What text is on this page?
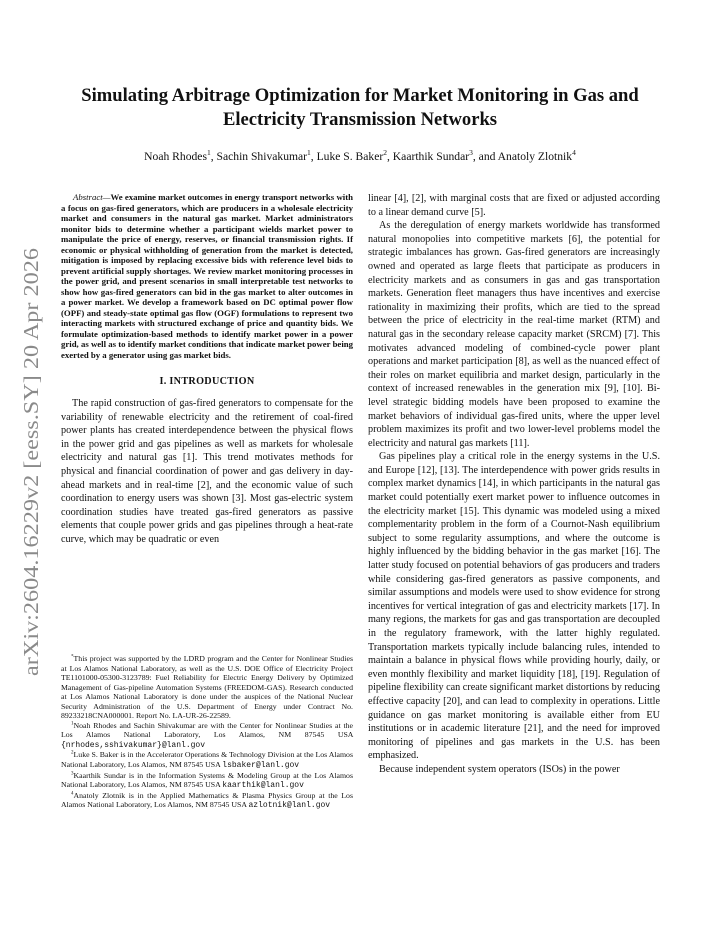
arXiv:2604.16229v2 [eess.SY] 20 Apr 2026
Simulating Arbitrage Optimization for Market Monitoring in Gas and Electricity Transmission Networks
Noah Rhodes$^1$, Sachin Shivakumar$^1$, Luke S. Baker$^2$, Kaarthik Sundar$^3$, and Anatoly Zlotnik$^4$

Abstract—We examine market outcomes in energy transport networks with a focus on gas-fired generators, which are producers in a wholesale electricity market and consumers in the natural gas market. Market administrators monitor bids to determine whether a participant wields market power to manipulate the price of energy, reserves, or financial transmission rights. If economic or physical withholding of generation from the market is detected, mitigation is imposed by replacing excessive bids with reference level bids to prevent artificial supply shortages. We review market monitoring processes in the power grid, and present scenarios in small interpretable test networks to show how gas-fired generators can bid in the gas market to alter outcomes in a power market. We develop a framework based on DC optimal power flow (OPF) and steady-state optimal gas flow (OGF) formulations to represent two interacting markets with structured exchange of price and quantity bids. We formulate optimization-based methods to identify market power in a power grid, as well as to identify market conditions that indicate market power being exerted by a generator using gas market bids.

I. INTRODUCTION

The rapid construction of gas-fired generators to compensate for the variability of renewable electricity and the retirement of coal-fired power plants has created interdependence between the physical flows in the power grid and gas pipelines as well as markets for wholesale electricity and natural gas [1]. This trend motivates methods for physical and financial coordination of power and gas delivery in day-ahead markets and in real-time [2], and the economic value of such coordination to energy users was shown [3]. Most gas-electric system coordination studies have treated gas-fired generators as passive elements that couple power grids and gas pipelines through a heat-rate curve, which may be quadratic or even

*This project was supported by the LDRD program and the Center for Nonlinear Studies at Los Alamos National Laboratory, as well as the U.S. DOE Office of Electricity Project TE1101000-05300-3123789: Fuel Reliability for Electric Energy Delivery by Optimized Management of Gas-pipeline Automation Systems (FREEDOM-GAS). Research conducted at Los Alamos National Laboratory is done under the auspices of the National Nuclear Security Administration of the U.S. Department of Energy under Contract No. 89233218CNA000001. Report No. LA-UR-26-22589.

$^1$Noah Rhodes and Sachin Shivakumar are with the Center for Nonlinear Studies at the Los Alamos National Laboratory, Los Alamos, NM 87545 USA {nrhodes,sshivakumar}@lanl.gov

$^2$Luke S. Baker is in the Accelerator Operations & Technology Division at the Los Alamos National Laboratory, Los Alamos, NM 87545 USA lsbaker@lanl.gov

$^3$Kaarthik Sundar is in the Information Systems & Modeling Group at the Los Alamos National Laboratory, Los Alamos, NM 87545 USA kaarthik@lanl.gov

$^4$Anatoly Zlotnik is in the Applied Mathematics & Plasma Physics Group at the Los Alamos National Laboratory, Los Alamos, NM 87545 USA azlotnik@lanl.gov

linear [4], [2], with marginal costs that are fixed or adjusted according to a linear demand curve [5].

As the deregulation of energy markets worldwide has transformed natural monopolies into competitive markets [6], the potential for strategic imbalances has grown. Gas-fired generators are increasingly owned and operated as large fleets that participate as producers in electricity markets and as consumers in gas and gas transportation markets. Generation fleet managers thus have incentives and exercise rationality in maximizing their profits, which are tied to the spread between the price of electricity in the real-time market (RTM) and natural gas in the secondary release capacity market (SRCM) [7]. This motivates advanced modeling of combined-cycle power plant operations and market participation [8], as well as the nuanced effect of their roles on market equilibria and market design, particularly in the context of increased renewables in the generation mix [9], [10]. Bi-level strategic bidding models have been proposed to examine the market behaviors of individual gas-fired units, where the upper level problem maximizes its profit and two lower-level problems model the electricity and natural gas markets [11].

Gas pipelines play a critical role in the energy systems in the U.S. and Europe [12], [13]. The interdependence with power grids results in complex market dynamics [14], in which participants in the natural gas market could potentially exert market power to influence outcomes in the electricity market [15]. This dynamic was modeled using a mixed complementarity problem in the form of a Cournot-Nash equilibrium subject to some regularity assumptions, and where the outcome is highly influenced by the bidding behavior in the gas market [16]. The latter study focused on potential behaviors of gas producers and traders while considering gas-fired generators as passive components, and similar assumptions and models were used to show evidence for strong incentives for vertical integration of gas and electricity markets [17]. In many regions, the markets for gas and gas transportation are decoupled in the regulatory framework, with the latter highly regulated. Transportation markets typically include balancing rules, intended to maintain a balance in physical flows while providing hourly, daily, or even monthly flexibility and market liquidity [18], [19]. Regulation of pipeline flexibility can create significant market distortions by reducing effective capacity [20], and can lead to complexity in operations. Little guidance on gas market monitoring is available either from EU institutions or in academic literature [21], and the need for improved monitoring of pipelines and gas markets in the U.S. has been emphasized.

Because independent system operators (ISOs) in the power
